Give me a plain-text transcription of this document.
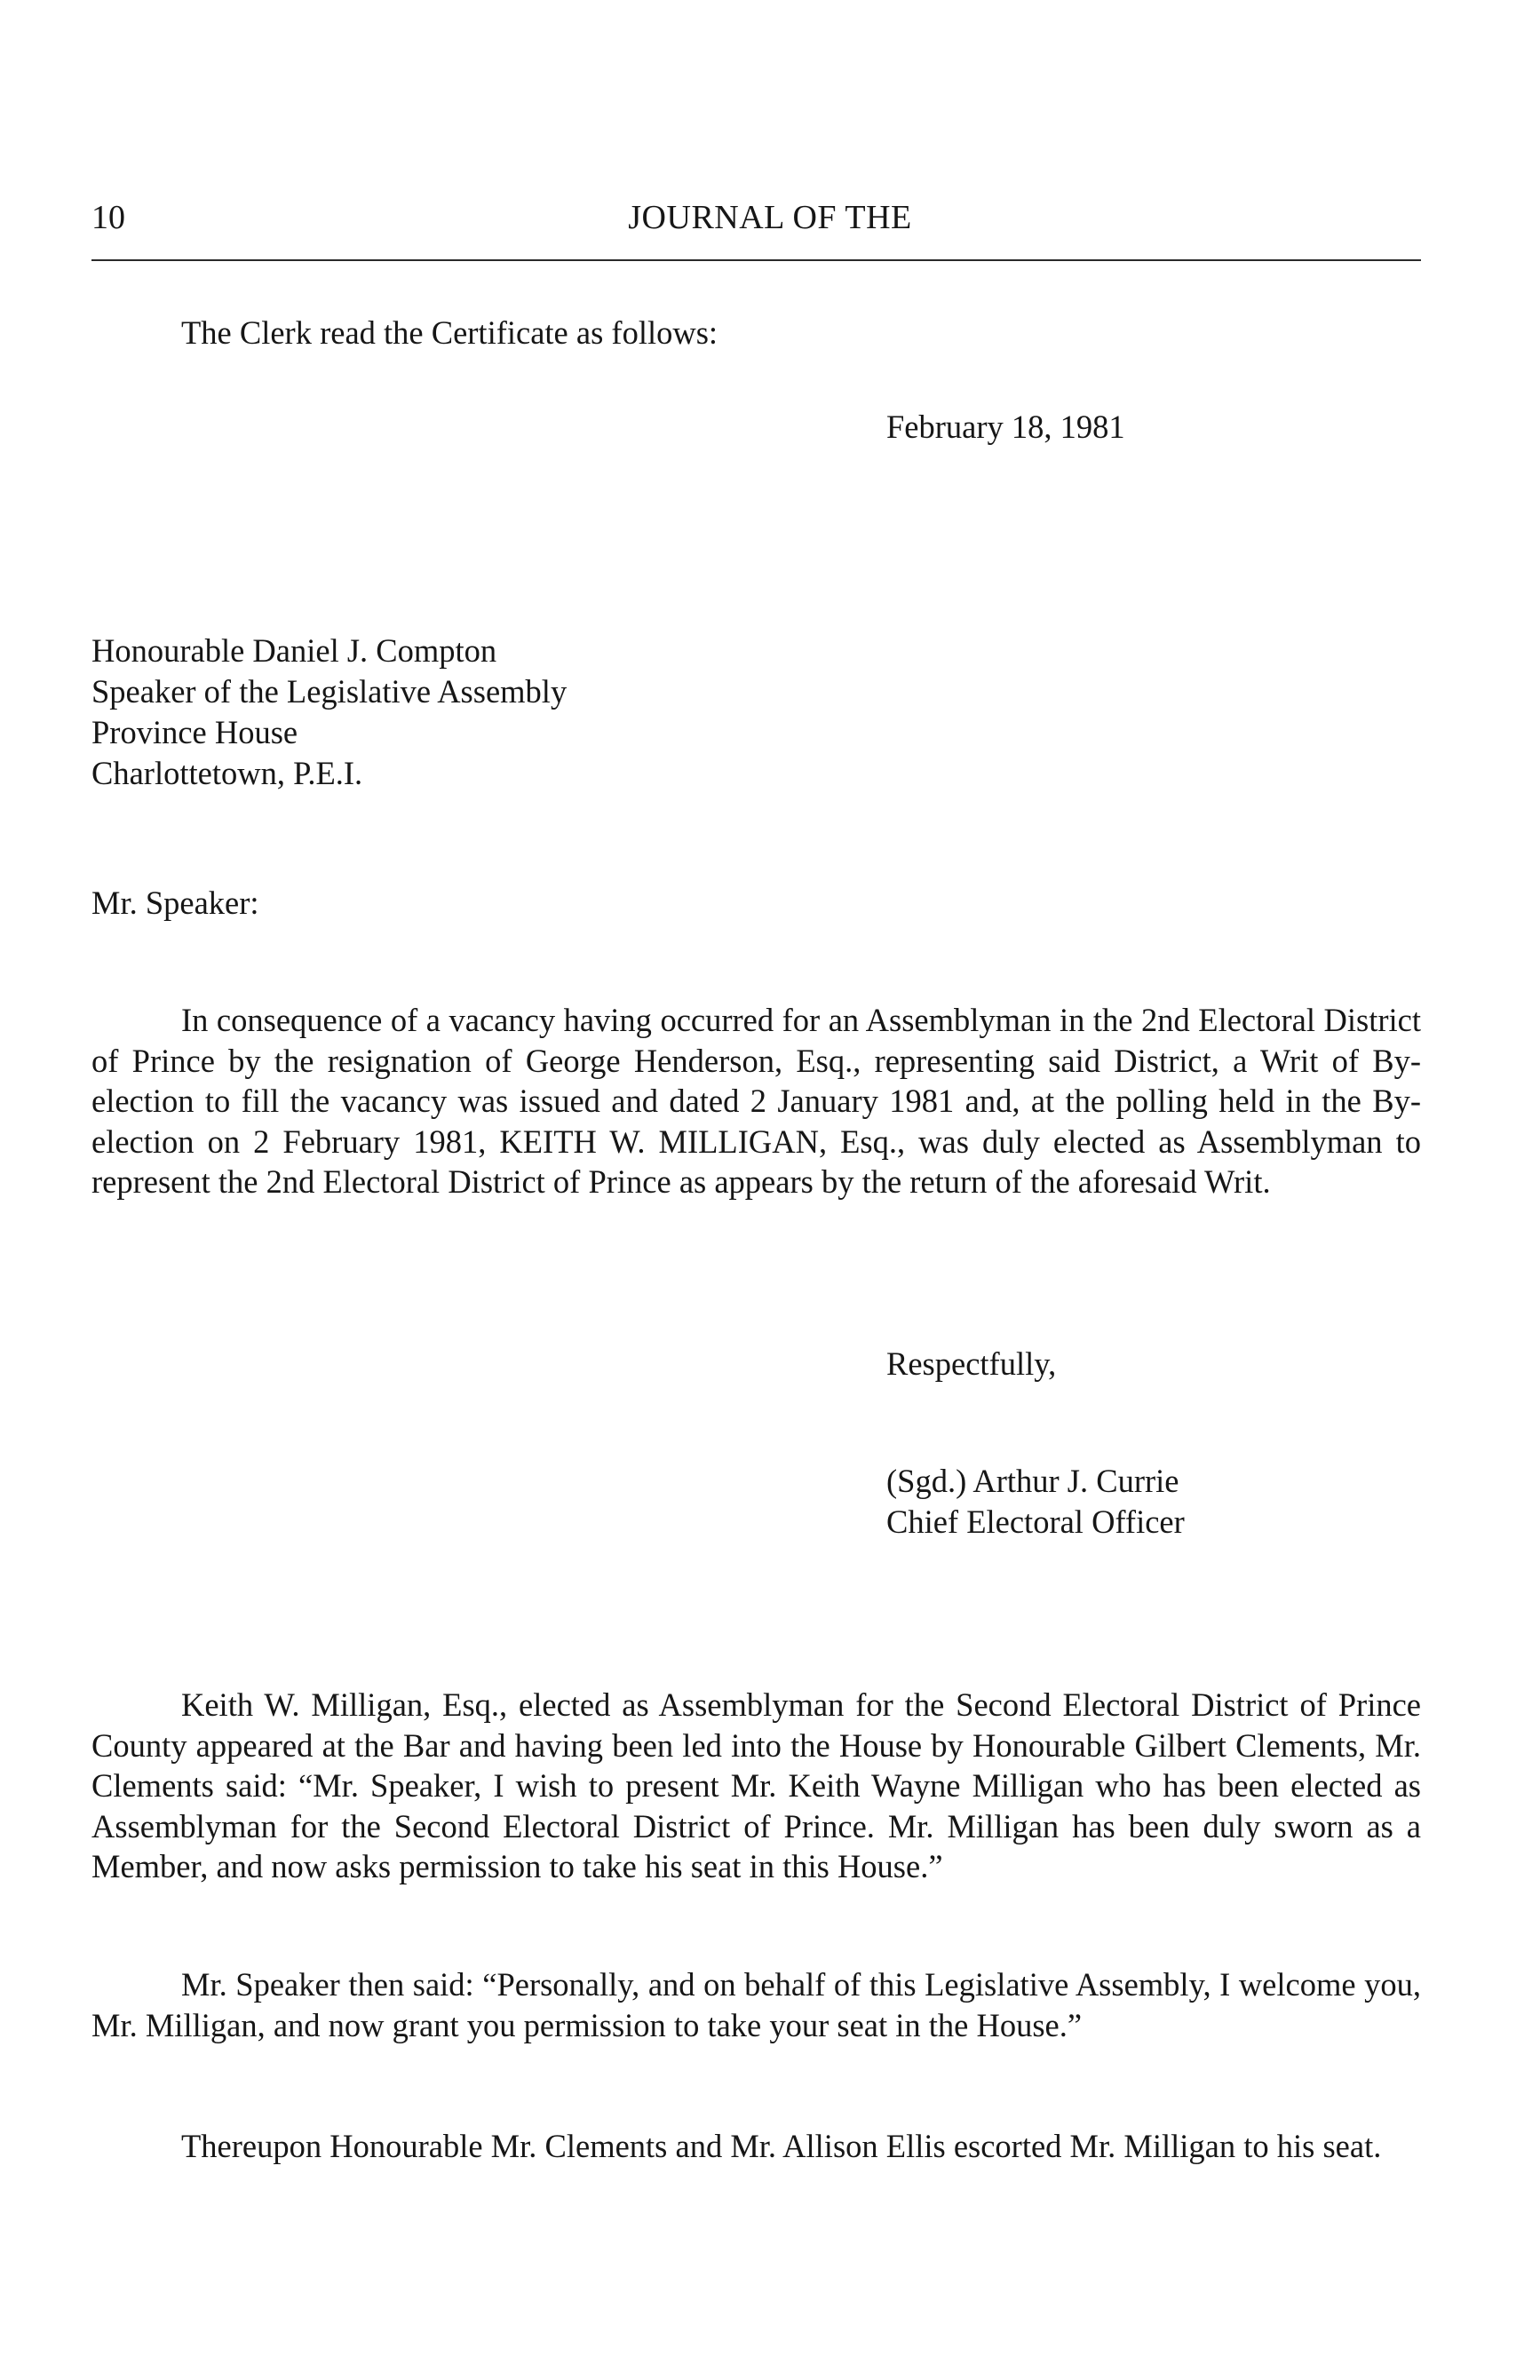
10	JOURNAL OF THE
The Clerk read the Certificate as follows:
February 18, 1981
Honourable Daniel J. Compton
Speaker of the Legislative Assembly
Province House
Charlottetown, P.E.I.
Mr. Speaker:

In consequence of a vacancy having occurred for an Assemblyman in the 2nd Electoral District of Prince by the resignation of George Henderson, Esq., representing said District, a Writ of By-election to fill the vacancy was issued and dated 2 January 1981 and, at the polling held in the By-election on 2 February 1981, KEITH W. MILLIGAN, Esq., was duly elected as Assemblyman to represent the 2nd Electoral District of Prince as appears by the return of the aforesaid Writ.

Respectfully,
(Sgd.) Arthur J. Currie
Chief Electoral Officer

Keith W. Milligan, Esq., elected as Assemblyman for the Second Electoral District of Prince County appeared at the Bar and having been led into the House by Honourable Gilbert Clements, Mr. Clements said: “Mr. Speaker, I wish to present Mr. Keith Wayne Milligan who has been elected as Assemblyman for the Second Electoral District of Prince. Mr. Milligan has been duly sworn as a Member, and now asks permission to take his seat in this House.”

Mr. Speaker then said: “Personally, and on behalf of this Legislative Assembly, I welcome you, Mr. Milligan, and now grant you permission to take your seat in the House.”

Thereupon Honourable Mr. Clements and Mr. Allison Ellis escorted Mr. Milligan to his seat.
